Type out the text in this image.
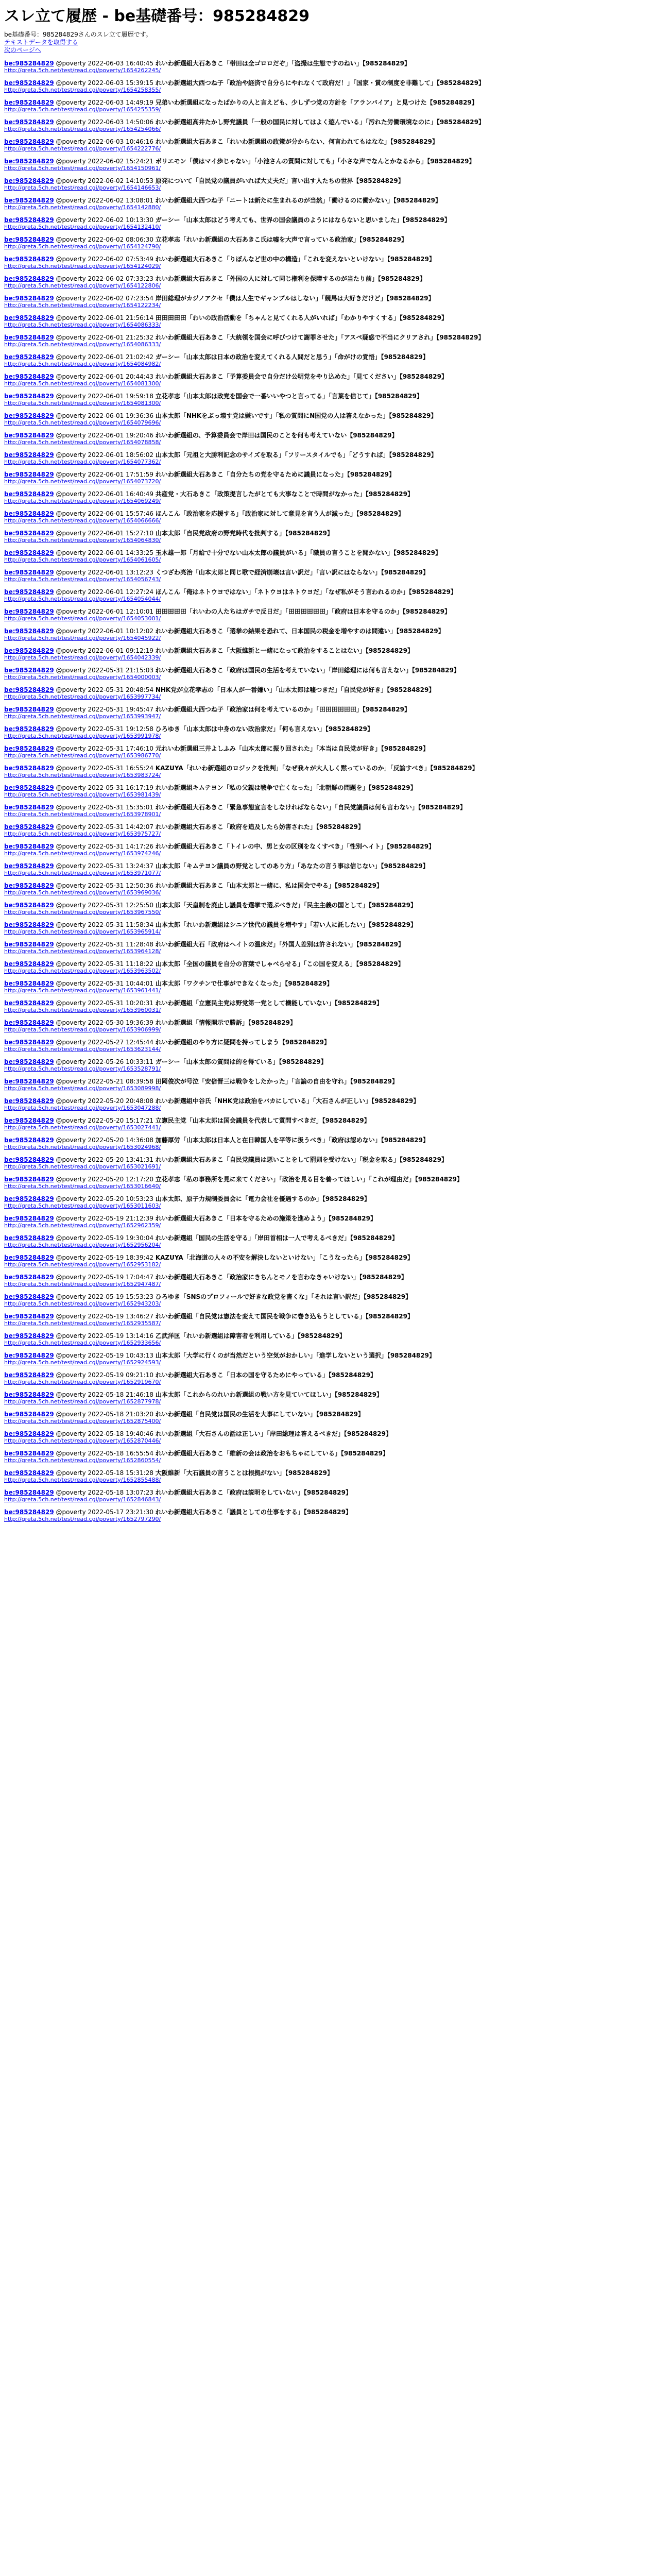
スレ立て履歴 - be基礎番号：985284829
be基礎番号：985284829さんのスレ立て履歴です。
テキストデータを取得する
次のページへ
be:985284829 @poverty 2022-06-03 16:40:45 れいわ新選組大石あきこ「帯田は全ゴロロだぞ」「盗撮は生態ですのねい」【985284829】
http://greta.5ch.net/test/read.cgi/poverty/1654262245/
be:985284829 @poverty 2022-06-03 15:39:15 れいわ新選組大西つね子「政治や経済で自分らにやれなくて政府だ！」「国家・賞の制度を非難して」【985284829】
http://greta.5ch.net/test/read.cgi/poverty/1654258355/
be:985284829 @poverty 2022-06-03 14:49:19 兄弟いわ新選組になったばかりの人と言えども、少しずつ党の方針を「アランバイア」と見つけた【985284829】
http://greta.5ch.net/test/read.cgi/poverty/1654255359/
be:985284829 @poverty 2022-06-03 14:50:06 れいわ新選組高井たかし野党議員「一般の国民に対してはよく遊んでいる」「汚れた労働環境なのに」【985284829】
http://greta.5ch.net/test/read.cgi/poverty/1654254066/
be:985284829 @poverty 2022-06-03 10:46:16 れいわ新選組大石あきこ「れいわ新選組の政策が分からない、何言われてもはなな」【985284829】
http://greta.5ch.net/test/read.cgi/poverty/1654222776/
be:985284829 @poverty 2022-06-02 15:24:21 ボリエモン「僕はマイ歩じゃない」「小池さんの質問に対しても」「小さな声でなんとかなるから」【985284829】
http://greta.5ch.net/test/read.cgi/poverty/1654150961/
be:985284829 @poverty 2022-06-02 14:10:53 原発について「自民党の議員がいれば大丈夫だ」言い出す人たちの世界【985284829】
http://greta.5ch.net/test/read.cgi/poverty/1654146653/
be:985284829 @poverty 2022-06-02 13:08:01 れいわ新選組大西つね子「ニートは新たに生まれるのが当然」「働けるのに働かない」【985284829】
http://greta.5ch.net/test/read.cgi/poverty/1654142880/
be:985284829 @poverty 2022-06-02 10:13:30 ガーシー「山本太郎はどう考えても、世界の国会議員のようにはならないと思いました」【985284829】
http://greta.5ch.net/test/read.cgi/poverty/1654132410/
be:985284829 @poverty 2022-06-02 08:06:30 立花孝志「れいわ新選組の大石あきこ氏は嘘を大声で言っている政治家」【985284829】
http://greta.5ch.net/test/read.cgi/poverty/1654124790/
be:985284829 @poverty 2022-06-02 07:53:49 れいわ新選組大石あきこ「りぼんなど世の中の構造」「これを変えないといけない」【985284829】
http://greta.5ch.net/test/read.cgi/poverty/1654124029/
be:985284829 @poverty 2022-06-02 07:33:23 れいわ新選組大石あきこ「外国の人に対して同じ権利を保障するのが当たり前」【985284829】
http://greta.5ch.net/test/read.cgi/poverty/1654122806/
be:985284829 @poverty 2022-06-02 07:23:54 岸田総理がカジノアクセ「僕は人生でギャンブルはしない」「競馬は大好きだけど」【985284829】
http://greta.5ch.net/test/read.cgi/poverty/1654122234/
be:985284829 @poverty 2022-06-01 21:56:14 田田田田田「わいの政治活動を「ちゃんと見てくれる人がいれば」「わかりやすくする」【985284829】
http://greta.5ch.net/test/read.cgi/poverty/1654086333/
be:985284829 @poverty 2022-06-01 21:25:32 れいわ新選組大石あきこ「大統領を国会に呼びつけて謝罪させた」「アスペ疑惑で不当にクリアされ」【985284829】
http://greta.5ch.net/test/read.cgi/poverty/1654086333/
be:985284829 @poverty 2022-06-01 21:02:42 ガーシー「山本太郎は日本の政治を変えてくれる人間だと思う」「命がけの覚悟」【985284829】
http://greta.5ch.net/test/read.cgi/poverty/1654084982/
be:985284829 @poverty 2022-06-01 20:44:43 れいわ新選組大石あきこ「予算委員会で自分だけ公明党をやり込めた」「見てください」【985284829】
http://greta.5ch.net/test/read.cgi/poverty/1654081300/
be:985284829 @poverty 2022-06-01 19:59:18 立花孝志「山本太郎は政党を国会で一番いいやつと言ってる」「言葉を信じて」【985284829】
http://greta.5ch.net/test/read.cgi/poverty/1654081300/
be:985284829 @poverty 2022-06-01 19:36:36 山本太郎「NHKをぶっ壊す党は嫌いです」「私の質問にN国党の人は答えなかった」【985284829】
http://greta.5ch.net/test/read.cgi/poverty/1654079696/
be:985284829 @poverty 2022-06-01 19:20:46 れいわ新選組の、予算委員会で岸田は国民のことを何も考えていない【985284829】
http://greta.5ch.net/test/read.cgi/poverty/1654078858/
be:985284829 @poverty 2022-06-01 18:56:02 山本太郎「元祖と大勝利記念のサイズを取る」「フリースタイルでも」「どうすれば」【985284829】
http://greta.5ch.net/test/read.cgi/poverty/1654077362/
be:985284829 @poverty 2022-06-01 17:51:59 れいわ新選組大石あきこ「自分たちの党を守るために議員になった」【985284829】
http://greta.5ch.net/test/read.cgi/poverty/1654073720/
be:985284829 @poverty 2022-06-01 16:40:49 共産党・大石あきこ「政策提言したがとても大事なことで時間がなかった」【985284829】
http://greta.5ch.net/test/read.cgi/poverty/1654069249/
be:985284829 @poverty 2022-06-01 15:57:46 ほんこん「政治家を応援する」「政治家に対して意見を言う人が減った」【985284829】
http://greta.5ch.net/test/read.cgi/poverty/1654066666/
be:985284829 @poverty 2022-06-01 15:27:10 山本太郎「自民党政府の野党時代を批判する」【985284829】
http://greta.5ch.net/test/read.cgi/poverty/1654064830/
be:985284829 @poverty 2022-06-01 14:33:25 玉木雄一郎「月給で十分でない山本太郎の議員がいる」「職員の言うことを聞かない」【985284829】
http://greta.5ch.net/test/read.cgi/poverty/1654061605/
be:985284829 @poverty 2022-06-01 13:12:23 くつざわ亮治「山本太郎と同じ歌で経済崩壊は言い訳だ」「言い訳にはならない」【985284829】
http://greta.5ch.net/test/read.cgi/poverty/1654056743/
be:985284829 @poverty 2022-06-01 12:27:24 ほんこん「俺はネトウヨではない」「ネトウヨはネトウヨだ」「なぜ私がそう言われるのか」【985284829】
http://greta.5ch.net/test/read.cgi/poverty/1654054044/
be:985284829 @poverty 2022-06-01 12:10:01 田田田田田「れいわの人たちはガチで反日だ」「田田田田田田」「政府は日本を守るのか」【985284829】
http://greta.5ch.net/test/read.cgi/poverty/1654053001/
be:985284829 @poverty 2022-06-01 10:12:02 れいわ新選組大石あきこ「選挙の結果を恐れて、日本国民の税金を増やすのは間違い」【985284829】
http://greta.5ch.net/test/read.cgi/poverty/1654045922/
be:985284829 @poverty 2022-06-01 09:12:19 れいわ新選組大石あきこ「大阪維新と一緒になって政治をすることはない」【985284829】
http://greta.5ch.net/test/read.cgi/poverty/1654042339/
be:985284829 @poverty 2022-05-31 21:15:03 れいわ新選組大石あきこ「政府は国民の生活を考えていない」「岸田総理には何も言えない」【985284829】
http://greta.5ch.net/test/read.cgi/poverty/1654000003/
be:985284829 @poverty 2022-05-31 20:48:54 NHK党が立花孝志の「日本人が一番嫌い」「山本太郎は嘘つきだ」「自民党が好き」【985284829】
http://greta.5ch.net/test/read.cgi/poverty/1653997734/
be:985284829 @poverty 2022-05-31 19:45:47 れいわ新選組大西つね子「政治家は何を考えているのか」「田田田田田田」【985284829】
http://greta.5ch.net/test/read.cgi/poverty/1653993947/
be:985284829 @poverty 2022-05-31 19:12:58 ひろゆき「山本太郎は中身のない政治家だ」「何も言えない」【985284829】
http://greta.5ch.net/test/read.cgi/poverty/1653991978/
be:985284829 @poverty 2022-05-31 17:46:10 元れいわ新選組三井よしふみ「山本太郎に振り回された」「本当は自民党が好き」【985284829】
http://greta.5ch.net/test/read.cgi/poverty/1653986770/
be:985284829 @poverty 2022-05-31 16:55:24 KAZUYA「れいわ新選組のロジックを批判」「なぜ我々が大人しく黙っているのか」「反論すべき」【985284829】
http://greta.5ch.net/test/read.cgi/poverty/1653983724/
be:985284829 @poverty 2022-05-31 16:17:19 れいわ新選組キムテヨン「私の父親は戦争で亡くなった」「北朝鮮の問題を」【985284829】
http://greta.5ch.net/test/read.cgi/poverty/1653981439/
be:985284829 @poverty 2022-05-31 15:35:01 れいわ新選組大石あきこ「緊急事態宣言をしなければならない」「自民党議員は何も言わない」【985284829】
http://greta.5ch.net/test/read.cgi/poverty/1653978901/
be:985284829 @poverty 2022-05-31 14:42:07 れいわ新選組大石あきこ「政府を追及したら妨害された」【985284829】
http://greta.5ch.net/test/read.cgi/poverty/1653975727/
be:985284829 @poverty 2022-05-31 14:17:26 れいわ新選組大石あきこ「トイレの中、男と女の区別をなくすべき」「性別ヘイト」【985284829】
http://greta.5ch.net/test/read.cgi/poverty/1653974246/
be:985284829 @poverty 2022-05-31 13:24:37 山本太郎「キムテヨン議員の野党としてのあり方」「あなたの言う事は信じない」【985284829】
http://greta.5ch.net/test/read.cgi/poverty/1653971077/
be:985284829 @poverty 2022-05-31 12:50:36 れいわ新選組大石あきこ「山本太郎と一緒に、私は国会でやる」【985284829】
http://greta.5ch.net/test/read.cgi/poverty/1653969036/
be:985284829 @poverty 2022-05-31 12:25:50 山本太郎「天皇制を廃止し議員を選挙で選ぶべきだ」「民主主義の国として」【985284829】
http://greta.5ch.net/test/read.cgi/poverty/1653967550/
be:985284829 @poverty 2022-05-31 11:58:34 山本太郎「れいわ新選組はシニア世代の議員を増やす」「若い人に託したい」【985284829】
http://greta.5ch.net/test/read.cgi/poverty/1653965914/
be:985284829 @poverty 2022-05-31 11:28:48 れいわ新選組大石「政府はヘイトの温床だ」「外国人差別は許されない」【985284829】
http://greta.5ch.net/test/read.cgi/poverty/1653964128/
be:985284829 @poverty 2022-05-31 11:18:22 山本太郎「全国の議員を自分の言葉でしゃべらせる」「この国を変える」【985284829】
http://greta.5ch.net/test/read.cgi/poverty/1653963502/
be:985284829 @poverty 2022-05-31 10:44:01 山本太郎「ワクチンで仕事ができなくなった」【985284829】
http://greta.5ch.net/test/read.cgi/poverty/1653961441/
be:985284829 @poverty 2022-05-31 10:20:31 れいわ新選組「立憲民主党は野党第一党として機能していない」【985284829】
http://greta.5ch.net/test/read.cgi/poverty/1653960031/
be:985284829 @poverty 2022-05-30 19:36:39 れいわ新選組「情報開示で勝訴」【985284829】
http://greta.5ch.net/test/read.cgi/poverty/1653906999/
be:985284829 @poverty 2022-05-27 12:45:44 れいわ新選組のやり方に疑問を持ってしまう【985284829】
http://greta.5ch.net/test/read.cgi/poverty/1653623144/
be:985284829 @poverty 2022-05-26 10:33:11 ガーシー「山本太郎の質問は的を得ている」【985284829】
http://greta.5ch.net/test/read.cgi/poverty/1653528791/
be:985284829 @poverty 2022-05-21 08:39:58 田岡俊次が号泣「安倍晋三は戦争をしたかった」「言論の自由を守れ」【985284829】
http://greta.5ch.net/test/read.cgi/poverty/1653089998/
be:985284829 @poverty 2022-05-20 20:48:08 れいわ新選組中谷氏「NHK党は政治をバカにしている」「大石さんが正しい」【985284829】
http://greta.5ch.net/test/read.cgi/poverty/1653047288/
be:985284829 @poverty 2022-05-20 15:17:21 立憲民主党「山本太郎は国会議員を代表して質問すべきだ」【985284829】
http://greta.5ch.net/test/read.cgi/poverty/1653027441/
be:985284829 @poverty 2022-05-20 14:36:08 加藤厚労「山本太郎は日本人と在日韓国人を平等に扱うべき」「政府は認めない」【985284829】
http://greta.5ch.net/test/read.cgi/poverty/1653024968/
be:985284829 @poverty 2022-05-20 13:41:31 れいわ新選組大石あきこ「自民党議員は悪いことをして罰則を受けない」「税金を取る」【985284829】
http://greta.5ch.net/test/read.cgi/poverty/1653021691/
be:985284829 @poverty 2022-05-20 12:17:20 立花孝志「私の事務所を見に来てください」「政治を見る目を養ってほしい」「これが理由だ」【985284829】
http://greta.5ch.net/test/read.cgi/poverty/1653016640/
be:985284829 @poverty 2022-05-20 10:53:23 山本太郎、原子力規制委員会に「電力会社を優遇するのか」【985284829】
http://greta.5ch.net/test/read.cgi/poverty/1653011603/
be:985284829 @poverty 2022-05-19 21:12:39 れいわ新選組大石あきこ「日本を守るための施策を進めよう」【985284829】
http://greta.5ch.net/test/read.cgi/poverty/1652962359/
be:985284829 @poverty 2022-05-19 19:30:04 れいわ新選組「国民の生活を守る」「岸田首相は一人で考えるべきだ」【985284829】
http://greta.5ch.net/test/read.cgi/poverty/1652956204/
be:985284829 @poverty 2022-05-19 18:39:42 KAZUYA「北海道の人々の不安を解決しないといけない」「こうなったら」【985284829】
http://greta.5ch.net/test/read.cgi/poverty/1652953182/
be:985284829 @poverty 2022-05-19 17:04:47 れいわ新選組大石あきこ「政治家にきちんとモノを言わなきゃいけない」【985284829】
http://greta.5ch.net/test/read.cgi/poverty/1652947487/
be:985284829 @poverty 2022-05-19 15:53:23 ひろゆき「SNSのプロフィールで好きな政党を書くな」「それは言い訳だ」【985284829】
http://greta.5ch.net/test/read.cgi/poverty/1652943203/
be:985284829 @poverty 2022-05-19 13:46:27 れいわ新選組「自民党は憲法を変えて国民を戦争に巻き込もうとしている」【985284829】
http://greta.5ch.net/test/read.cgi/poverty/1652935587/
be:985284829 @poverty 2022-05-19 13:14:16 乙武洋匡「れいわ新選組は障害者を利用している」【985284829】
http://greta.5ch.net/test/read.cgi/poverty/1652933656/
be:985284829 @poverty 2022-05-19 10:43:13 山本太郎「大学に行くのが当然だという空気がおかしい」「進学しないという選択」【985284829】
http://greta.5ch.net/test/read.cgi/poverty/1652924593/
be:985284829 @poverty 2022-05-19 09:21:10 れいわ新選組大石あきこ「日本の国を守るためにやっている」【985284829】
http://greta.5ch.net/test/read.cgi/poverty/1652919670/
be:985284829 @poverty 2022-05-18 21:46:18 山本太郎「これからのれいわ新選組の戦い方を見ていてほしい」【985284829】
http://greta.5ch.net/test/read.cgi/poverty/1652877978/
be:985284829 @poverty 2022-05-18 21:03:20 れいわ新選組「自民党は国民の生活を大事にしていない」【985284829】
http://greta.5ch.net/test/read.cgi/poverty/1652875400/
be:985284829 @poverty 2022-05-18 19:40:46 れいわ新選組「大石さんの話は正しい」「岸田総理は答えるべきだ」【985284829】
http://greta.5ch.net/test/read.cgi/poverty/1652870446/
be:985284829 @poverty 2022-05-18 16:55:54 れいわ新選組大石あきこ「維新の会は政治をおもちゃにしている」【985284829】
http://greta.5ch.net/test/read.cgi/poverty/1652860554/
be:985284829 @poverty 2022-05-18 15:31:28 大阪維新「大石議員の言うことは根拠がない」【985284829】
http://greta.5ch.net/test/read.cgi/poverty/1652855488/
be:985284829 @poverty 2022-05-18 13:07:23 れいわ新選組大石あきこ「政府は説明をしていない」【985284829】
http://greta.5ch.net/test/read.cgi/poverty/1652846843/
be:985284829 @poverty 2022-05-17 23:21:30 れいわ新選組大石あきこ「議員としての仕事をする」【985284829】
http://greta.5ch.net/test/read.cgi/poverty/1652797290/
